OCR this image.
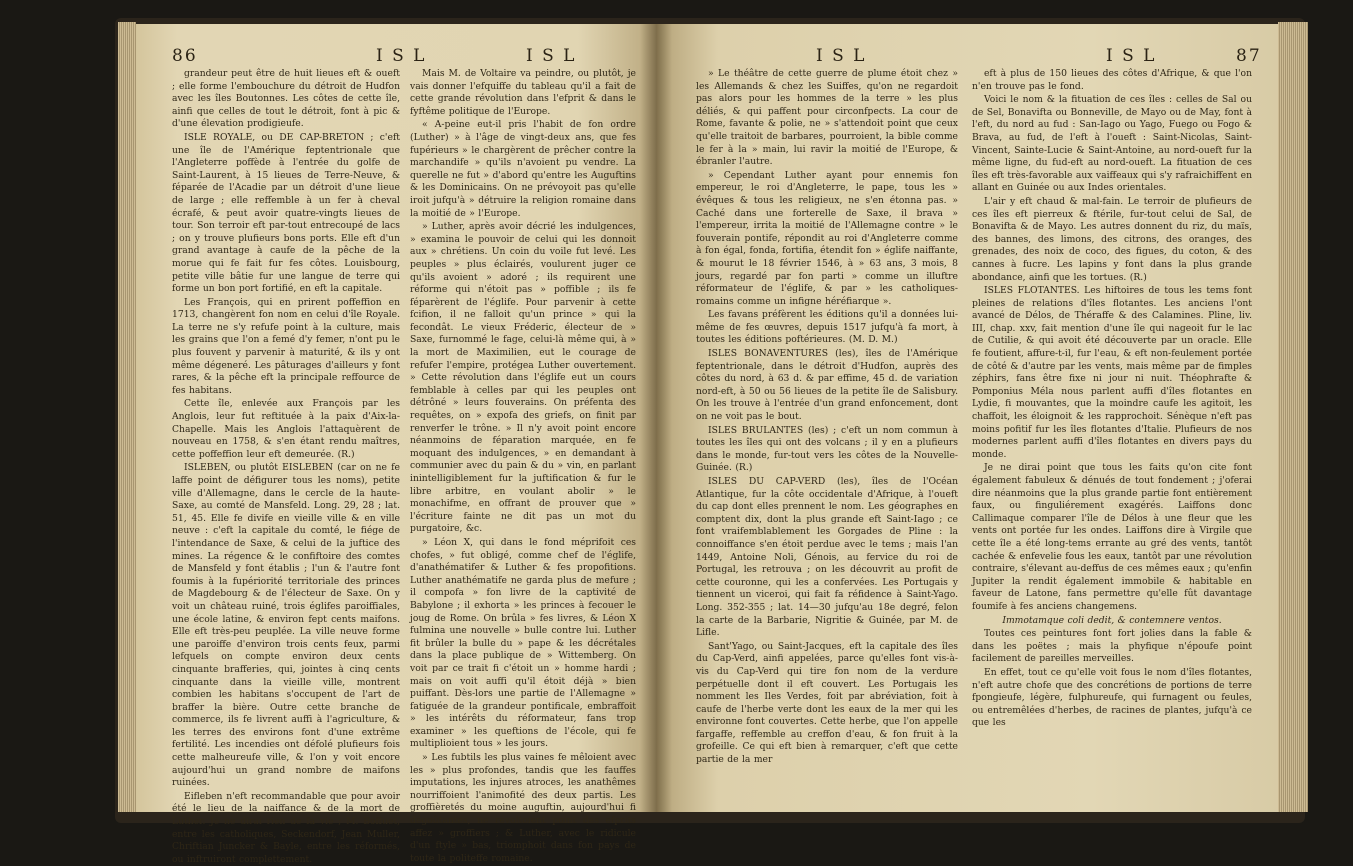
86	I S L	I S L

grandeur peut être de huit lieues eft & oueft ; elle forme l'embouchure du détroit de Hudfon avec les îles Boutonnes. Les côtes de cette île, ainfi que celles de tout le détroit, font à pic & d'une élevation prodigieufe.

ISLE ROYALE, ou DE CAP-BRETON ; c'eft une île de l'Amérique feptentrionale que l'Angleterre poffède à l'entrée du golfe de Saint-Laurent, à 15 lieues de Terre-Neuve, & féparée de l'Acadie par un détroit d'une lieue de large ; elle reffemble à un fer à cheval écrafé, & peut avoir quatre-vingts lieues de tour. Son terroir eft par-tout entrecoupé de lacs ; on y trouve plufieurs bons ports. Elle eft d'un grand avantage à caufe de la pêche de la morue qui fe fait fur fes côtes. Louisbourg, petite ville bâtie fur une langue de terre qui forme un bon port fortifié, en eft la capitale.

Les François, qui en prirent poffeffion en 1713, changèrent fon nom en celui d'île Royale. La terre ne s'y refufe point à la culture, mais les grains que l'on a femé d'y femer, n'ont pu le plus fouvent y parvenir à maturité, & ils y ont même dégeneré. Les pâturages d'ailleurs y font rares, & la pêche eft la principale reffource de fes habitans.

Cette île, enlevée aux François par les Anglois, leur fut reftituée à la paix d'Aix-la-Chapelle. Mais les Anglois l'attaquèrent de nouveau en 1758, & s'en étant rendu maîtres, cette poffeffion leur eft demeurée. (R.)

ISLEBEN, ou plutôt EISLEBEN (car on ne fe laffe point de défigurer tous les noms), petite ville d'Allemagne, dans le cercle de la haute-Saxe, au comté de Mansfeld. Long. 29, 28 ; lat. 51, 45. Elle fe divife en vieille ville & en ville neuve : c'eft la capitale du comté, le fiége de l'intendance de Saxe, & celui de la juftice des mines. La régence & le confiftoire des comtes de Mansfeld y font établis ; l'un & l'autre font foumis à la fupériorité territoriale des princes de Magdebourg & de l'électeur de Saxe. On y voit un château ruiné, trois églifes paroiffiales, une école latine, & environ fept cents maifons. Elle eft très-peu peuplée. La ville neuve forme une paroiffe d'environ trois cents feux, parmi lefquels on compte environ deux cents cinquante brafferies, qui, jointes à cinq cents cinquante dans la vieille ville, montrent combien les habitans s'occupent de l'art de braffer la bière. Outre cette branche de commerce, ils fe livrent auffi à l'agriculture, & les terres des environs font d'une extrême fertilité. Les incendies ont défolé plufieurs fois cette malheureufe ville, & l'on y voit encore aujourd'hui un grand nombre de maifons ruinées.

Eifleben n'eft recommandable que pour avoir été le lieu de la naiffance & de la mort de Luther. Je ne dirai rien de fa vie ; M. Boffuet, entre les catholiques, Seckendorf, Jean Muller, Chriftian Juncker & Bayle, entre les réformés, ou inftruiront complettement.

Mais M. de Voltaire va peindre, ou plutôt, je vais donner l'efquiffe du tableau qu'il a fait de cette grande révolution dans l'efprit & dans le fyftême politique de l'Europe.

« A-peine eut-il pris l'habit de fon ordre (Luther) » à l'âge de vingt-deux ans, que fes fupérieurs » le chargèrent de prêcher contre la marchandife » qu'ils n'avoient pu vendre. La querelle ne fut » d'abord qu'entre les Auguftins & les Dominicains. On ne prévoyoit pas qu'elle iroit jufqu'à » détruire la religion romaine dans la moitié de » l'Europe.

» Luther, après avoir décrié les indulgences, » examina le pouvoir de celui qui les donnoit aux » chrétiens. Un coin du voile fut levé. Les peuples » plus éclairés, voulurent juger ce qu'ils avoient » adoré ; ils requirent une réforme qui n'étoit pas » poffible ; ils fe féparèrent de l'églife. Pour parvenir à cette fcifion, il ne falloit qu'un prince » qui la fecondât. Le vieux Fréderic, électeur de » Saxe, furnommé le fage, celui-là même qui, à » la mort de Maximilien, eut le courage de refufer l'empire, protégea Luther ouvertement. » Cette révolution dans l'églife eut un cours femblable à celles par qui les peuples ont détrôné » leurs fouverains. On préfenta des requêtes, on » expofa des griefs, on finit par renverfer le trône. » Il n'y avoit point encore néanmoins de féparation marquée, en fe moquant des indulgences, » en demandant à communier avec du pain & du » vin, en parlant inintelligiblement fur la juftification & fur le libre arbitre, en voulant abolir » le monachifme, en offrant de prouver que » l'écriture fainte ne dit pas un mot du purgatoire, &c.

» Léon X, qui dans le fond méprifoit ces chofes, » fut obligé, comme chef de l'églife, d'anathématifer & Luther & fes propofitions. Luther anathématife ne garda plus de mefure ; il compofa » fon livre de la captivité de Babylone ; il exhorta » les princes à fecouer le joug de Rome. On brûla » fes livres, & Léon X fulmina une nouvelle » bulle contre lui. Luther fit brûler la bulle du » pape & les décrétales dans la place publique de » Wittemberg. On voit par ce trait fi c'étoit un » homme hardi ; mais on voit auffi qu'il étoit déjà » bien puiffant. Dès-lors une partie de l'Allemagne » fatiguée de la grandeur pontificale, embraffoit » les intérêts du réformateur, fans trop examiner » les queftions de l'école, qui fe multiplioient tous » les jours.

» Les fubtils les plus vaines fe mêloient avec les » plus profondes, tandis que les fauffes imputations, les injures atroces, les anathêmes nourriffoient l'animofité des deux partis. Les groffièretés du moine auguftin, aujourd'hui fi dégoûtantes, ne révoltoient point des efprits affez » groffiers ; & Luther, avec le ridicule d'un ftyle » bas, triomphoit dans fon pays de toute la politeffe romaine.

I S L	I S L	87

» Le théâtre de cette guerre de plume étoit chez » les Allemands & chez les Suiffes, qu'on ne regardoit pas alors pour les hommes de la terre » les plus déliés, & qui paffent pour circonfpects. La cour de Rome, favante & polie, ne » s'attendoit point que ceux qu'elle traitoit de barbares, pourroient, la bible comme le fer à la » main, lui ravir la moitié de l'Europe, & ébranler l'autre.

» Cependant Luther ayant pour ennemis fon empereur, le roi d'Angleterre, le pape, tous les » évêques & tous les religieux, ne s'en étonna pas. » Caché dans une forterelle de Saxe, il brava » l'empereur, irrita la moitié de l'Allemagne contre » le fouverain pontife, répondit au roi d'Angleterre comme à fon égal, fonda, fortifia, étendit fon » églife naiffante, & mourut le 18 février 1546, à » 63 ans, 3 mois, 8 jours, regardé par fon parti » comme un illuftre réformateur de l'églife, & par » les catholiques-romains comme un infigne héréfiarque ».

Les favans préfèrent les éditions qu'il a données lui-même de fes œuvres, depuis 1517 jufqu'à fa mort, à toutes les éditions poftérieures. (M. D. M.)

ISLES BONAVENTURES (les), îles de l'Amérique feptentrionale, dans le détroit d'Hudfon, auprès des côtes du nord, à 63 d. & par effime, 45 d. de variation nord-eft, à 50 ou 56 lieues de la petite île de Salisbury. On les trouve à l'entrée d'un grand enfoncement, dont on ne voit pas le bout.

ISLES BRULANTES (les) ; c'eft un nom commun à toutes les îles qui ont des volcans ; il y en a plufieurs dans le monde, fur-tout vers les côtes de la Nouvelle-Guinée. (R.)

ISLES DU CAP-VERD (les), îles de l'Océan Atlantique, fur la côte occidentale d'Afrique, à l'oueft du cap dont elles prennent le nom. Les géographes en comptent dix, dont la plus grande eft Saint-Iago ; ce font vraifemblablement les Gorgades de Pline : la connoiffance s'en étoit perdue avec le tems ; mais l'an 1449, Antoine Noli, Génois, au fervice du roi de Portugal, les retrouva ; on les découvrit au profit de cette couronne, qui les a confervées. Les Portugais y tiennent un viceroi, qui fait fa réfidence à Saint-Yago. Long. 352-355 ; lat. 14—30 jufqu'au 18e degré, felon la carte de la Barbarie, Nigritie & Guinée, par M. de Lifle.

Sant'Yago, ou Saint-Jacques, eft la capitale des îles du Cap-Verd, ainfi appelées, parce qu'elles font vis-à-vis du Cap-Verd qui tire fon nom de la verdure perpétuelle dont il eft couvert. Les Portugais les nomment les Iles Verdes, foit par abréviation, foit à caufe de l'herbe verte dont les eaux de la mer qui les environne font couvertes. Cette herbe, que l'on appelle fargaffe, reffemble au creffon d'eau, & fon fruit à la grofeille. Ce qui eft bien à remarquer, c'eft que cette partie de la mer

eft à plus de 150 lieues des côtes d'Afrique, & que l'on n'en trouve pas le fond.

Voici le nom & la fituation de ces îles : celles de Sal ou de Sel, Bonavifta ou Bonneville, de Mayo ou de May, font à l'eft, du nord au fud : San-Iago ou Yago, Fuego ou Fogo & Brava, au fud, de l'eft à l'oueft : Saint-Nicolas, Saint-Vincent, Sainte-Lucie & Saint-Antoine, au nord-oueft fur la même ligne, du fud-eft au nord-oueft. La fituation de ces îles eft très-favorable aux vaiffeaux qui s'y rafraichiffent en allant en Guinée ou aux Indes orientales.

L'air y eft chaud & mal-fain. Le terroir de plufieurs de ces îles eft pierreux & ftérile, fur-tout celui de Sal, de Bonavifta & de Mayo. Les autres donnent du riz, du maïs, des bannes, des limons, des citrons, des oranges, des grenades, des noix de coco, des figues, du coton, & des cannes à fucre. Les lapins y font dans la plus grande abondance, ainfi que les tortues. (R.)

ISLES FLOTANTES. Les hiftoires de tous les tems font pleines de relations d'îles flotantes. Les anciens l'ont avancé de Délos, de Théraffe & des Calamines. Pline, liv. III, chap. xxv, fait mention d'une île qui nageoit fur le lac de Cutilie, & qui avoit été découverte par un oracle. Elle fe foutient, affure-t-il, fur l'eau, & eft non-feulement portée de côté & d'autre par les vents, mais même par de fimples zéphirs, fans être fixe ni jour ni nuit. Théophrafte & Pomponius Méla nous parlent auffi d'îles flotantes en Lydie, fi mouvantes, que la moindre caufe les agitoit, les chaffoit, les éloignoit & les rapprochoit. Sénèque n'eft pas moins pofitif fur les îles flotantes d'Italie. Plufieurs de nos modernes parlent auffi d'îles flotantes en divers pays du monde.

Je ne dirai point que tous les faits qu'on cite font également fabuleux & dénués de tout fondement ; j'oferai dire néanmoins que la plus grande partie font entièrement faux, ou finguliérement exagérés. Laiffons donc Callimaque comparer l'île de Délos à une fleur que les vents ont portée fur les ondes. Laiffons dire à Virgile que cette île a été long-tems errante au gré des vents, tantôt cachée & enfevelie fous les eaux, tantôt par une révolution contraire, s'élevant au-deffus de ces mêmes eaux ; qu'enfin Jupiter la rendit également immobile & habitable en faveur de Latone, fans permettre qu'elle fût davantage foumife à fes anciens changemens.

Immotamque coli dedit, & contemnere ventos.

Toutes ces peintures font fort jolies dans la fable & dans les poëtes ; mais la phyfique n'époufe point facilement de pareilles merveilles.

En effet, tout ce qu'elle voit fous le nom d'îles flotantes, n'eft autre chofe que des concrétions de portions de terre fpongieufe, légère, fulphureufe, qui furnagent ou feules, ou entremêlées d'herbes, de racines de plantes, jufqu'à ce que les
